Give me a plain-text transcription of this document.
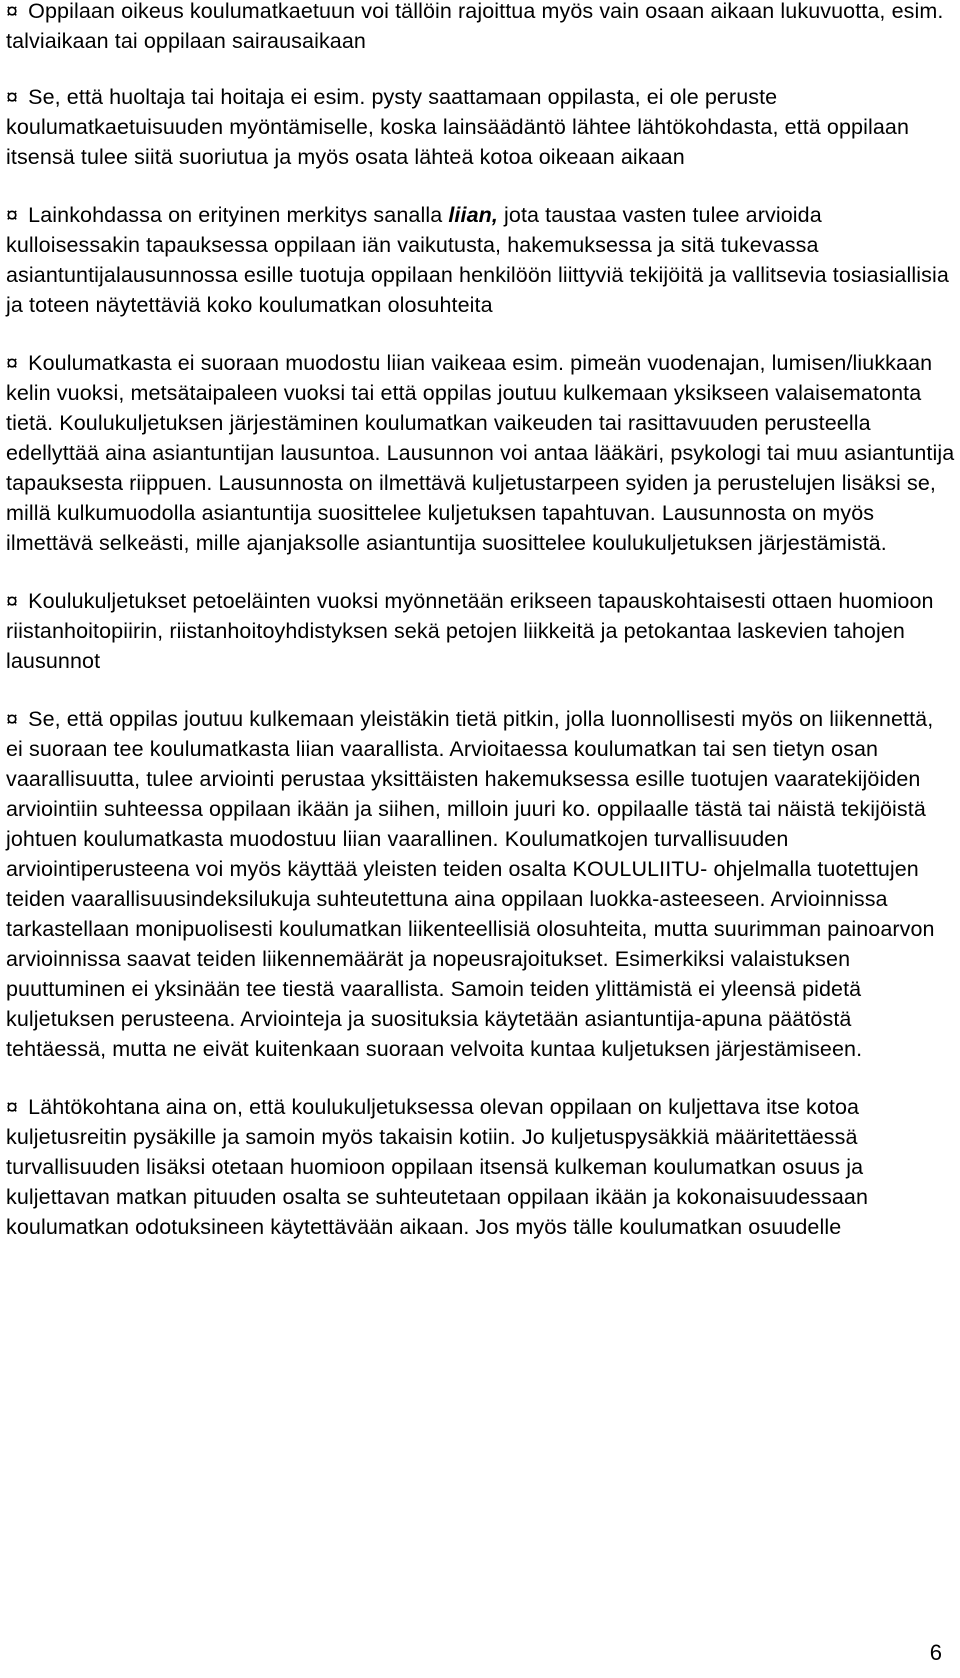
¤ Oppilaan oikeus koulumatkaetuun voi tällöin rajoittua myös vain osaan aikaan lukuvuotta, esim. talviaikaan tai oppilaan sairausaikaan

¤ Se, että huoltaja tai hoitaja ei esim. pysty saattamaan oppilasta, ei ole peruste koulumatkaetuisuuden myöntämiselle, koska lainsäädäntö lähtee lähtökohdasta, että oppilaan itsensä tulee siitä suoriutua ja myös osata lähteä kotoa oikeaan aikaan

¤ Lainkohdassa on erityinen merkitys sanalla liian, jota taustaa vasten tulee arvioida kulloisessakin tapauksessa oppilaan iän vaikutusta, hakemuksessa ja sitä tukevassa asiantuntijalausunnossa esille tuotuja oppilaan henkilöön liittyviä tekijöitä ja vallitsevia tosiasiallisia ja toteen näytettäviä koko koulumatkan olosuhteita

¤ Koulumatkasta ei suoraan muodostu liian vaikeaa esim. pimeän vuodenajan, lumisen/liukkaan kelin vuoksi, metsätaipaleen vuoksi tai että oppilas joutuu kulkemaan yksikseen valaisematonta tietä. Koulukuljetuksen järjestäminen koulumatkan vaikeuden tai rasittavuuden perusteella edellyttää aina asiantuntijan lausuntoa. Lausunnon voi antaa lääkäri, psykologi tai muu asiantuntija tapauksesta riippuen. Lausunnosta on ilmettävä kuljetustarpeen syiden ja perustelujen lisäksi se, millä kulkumuodolla asiantuntija suosittelee kuljetuksen tapahtuvan. Lausunnosta on myös ilmettävä selkeästi, mille ajanjaksolle asiantuntija suosittelee koulukuljetuksen järjestämistä.

¤ Koulukuljetukset petoeläinten vuoksi myönnetään erikseen tapauskohtaisesti ottaen huomioon riistanhoitopiirin, riistanhoitoyhdistyksen sekä petojen liikkeitä ja petokantaa laskevien tahojen lausunnot

¤ Se, että oppilas joutuu kulkemaan yleistäkin tietä pitkin, jolla luonnollisesti myös on liikennettä, ei suoraan tee koulumatkasta liian vaarallista. Arvioitaessa koulumatkan tai sen tietyn osan vaarallisuutta, tulee arviointi perustaa yksittäisten hakemuksessa esille tuotujen vaaratekijöiden arviointiin suhteessa oppilaan ikään ja siihen, milloin juuri ko. oppilaalle tästä tai näistä tekijöistä johtuen koulumatkasta muodostuu liian vaarallinen. Koulumatkojen turvallisuuden arviointiperusteena voi myös käyttää yleisten teiden osalta KOULULIITU- ohjelmalla tuotettujen teiden vaarallisuusindeksilukuja suhteutettuna aina oppilaan luokka-asteeseen. Arvioinnissa tarkastellaan monipuolisesti koulumatkan liikenteellisiä olosuhteita, mutta suurimman painoarvon arvioinnissa saavat teiden liikennemäärät ja nopeusrajoitukset. Esimerkiksi valaistuksen puuttuminen ei yksinään tee tiestä vaarallista. Samoin teiden ylittämistä ei yleensä pidetä kuljetuksen perusteena. Arviointeja ja suosituksia käytetään asiantuntija-apuna päätöstä tehtäessä, mutta ne eivät kuitenkaan suoraan velvoita kuntaa kuljetuksen järjestämiseen.

¤ Lähtökohtana aina on, että koulukuljetuksessa olevan oppilaan on kuljettava itse kotoa kuljetusreitin pysäkille ja samoin myös takaisin kotiin. Jo kuljetuspysäkkiä määritettäessä turvallisuuden lisäksi otetaan huomioon oppilaan itsensä kulkeman koulumatkan osuus ja kuljettavan matkan pituuden osalta se suhteutetaan oppilaan ikään ja kokonaisuudessaan koulumatkan odotuksineen käytettävään aikaan. Jos myös tälle koulumatkan osuudelle

6
